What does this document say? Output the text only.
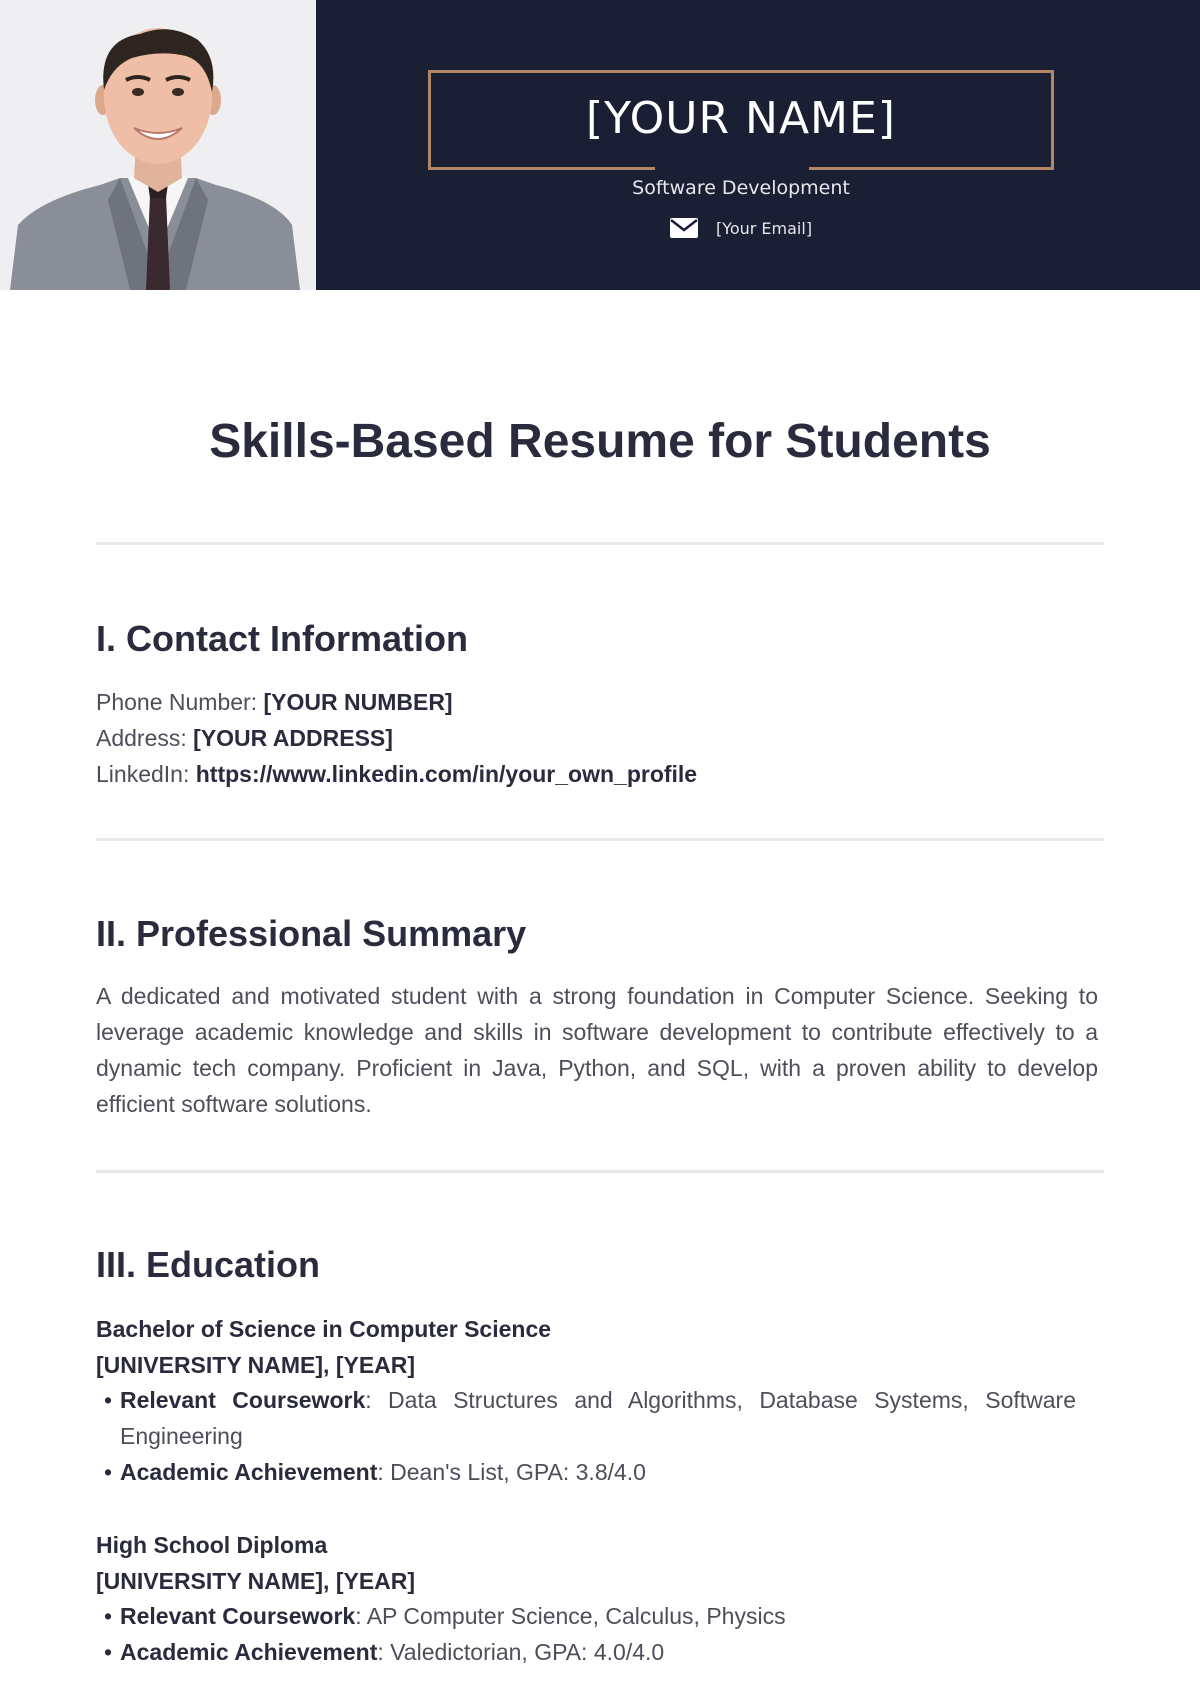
[YOUR NAME]
Software Development
[Your Email]
Skills-Based Resume for Students
I. Contact Information
Phone Number: [YOUR NUMBER]
Address: [YOUR ADDRESS]
LinkedIn: https://www.linkedin.com/in/your_own_profile
II. Professional Summary

A dedicated and motivated student with a strong foundation in Computer Science. Seeking to leverage academic knowledge and skills in software development to contribute effectively to a dynamic tech company. Proficient in Java, Python, and SQL, with a proven ability to develop efficient software solutions.

III. Education
Bachelor of Science in Computer Science
[UNIVERSITY NAME], [YEAR]
• Relevant Coursework: Data Structures and Algorithms, Database Systems, Software Engineering
• Academic Achievement: Dean's List, GPA: 3.8/4.0
High School Diploma
[UNIVERSITY NAME], [YEAR]
• Relevant Coursework: AP Computer Science, Calculus, Physics
• Academic Achievement: Valedictorian, GPA: 4.0/4.0
